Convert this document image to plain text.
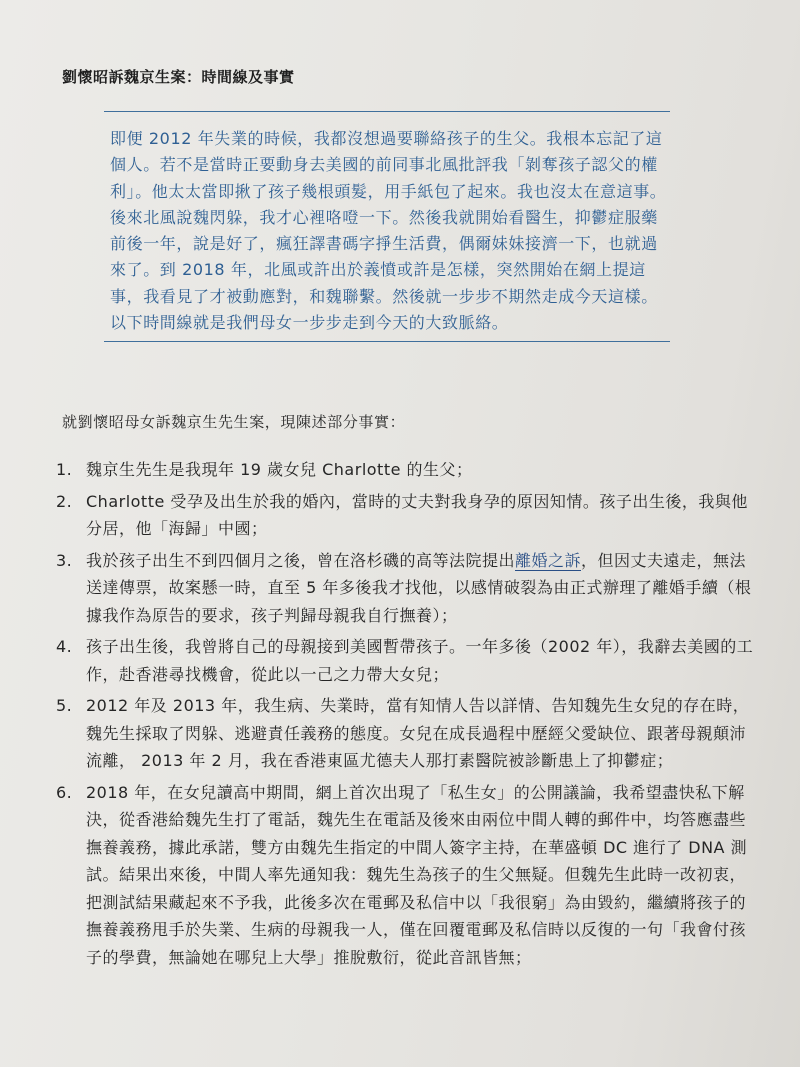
劉懷昭訴魏京生案：時間線及事實
即便 2012 年失業的時候，我都沒想過要聯絡孩子的生父。我根本忘記了這個人。若不是當時正要動身去美國的前同事北風批評我「剝奪孩子認父的權利」。他太太當即揪了孩子幾根頭髮，用手紙包了起來。我也沒太在意這事。後來北風說魏閃躲，我才心裡咯噔一下。然後我就開始看醫生，抑鬱症服藥前後一年，說是好了，瘋狂譯書碼字掙生活費，偶爾妹妹接濟一下，也就過來了。到 2018 年，北風或許出於義憤或許是怎樣，突然開始在網上提這事，我看見了才被動應對，和魏聯繫。然後就一步步不期然走成今天這樣。以下時間線就是我們母女一步步走到今天的大致脈絡。
就劉懷昭母女訴魏京生先生案，現陳述部分事實：
1. 魏京生先生是我現年 19 歲女兒 Charlotte 的生父；
2. Charlotte 受孕及出生於我的婚內，當時的丈夫對我身孕的原因知情。孩子出生後，我與他分居，他「海歸」中國；
3. 我於孩子出生不到四個月之後，曾在洛杉磯的高等法院提出離婚之訴，但因丈夫遠走，無法送達傳票，故案懸一時，直至 5 年多後我才找他，以感情破裂為由正式辦理了離婚手續（根據我作為原告的要求，孩子判歸母親我自行撫養）；
4. 孩子出生後，我曾將自己的母親接到美國暫帶孩子。一年多後（2002 年），我辭去美國的工作，赴香港尋找機會，從此以一己之力帶大女兒；
5. 2012 年及 2013 年，我生病、失業時，當有知情人告以詳情、告知魏先生女兒的存在時，魏先生採取了閃躲、逃避責任義務的態度。女兒在成長過程中歷經父愛缺位、跟著母親顛沛流離， 2013 年 2 月，我在香港東區尤德夫人那打素醫院被診斷患上了抑鬱症；
6. 2018 年，在女兒讀高中期間，網上首次出現了「私生女」的公開議論，我希望盡快私下解決，從香港給魏先生打了電話，魏先生在電話及後來由兩位中間人轉的郵件中，均答應盡些撫養義務，據此承諾，雙方由魏先生指定的中間人簽字主持，在華盛頓 DC 進行了 DNA 測試。結果出來後，中間人率先通知我：魏先生為孩子的生父無疑。但魏先生此時一改初衷，把測試結果藏起來不予我，此後多次在電郵及私信中以「我很窮」為由毀約，繼續將孩子的撫養義務甩手於失業、生病的母親我一人，僅在回覆電郵及私信時以反復的一句「我會付孩子的學費，無論她在哪兒上大學」推脫敷衍，從此音訊皆無；
